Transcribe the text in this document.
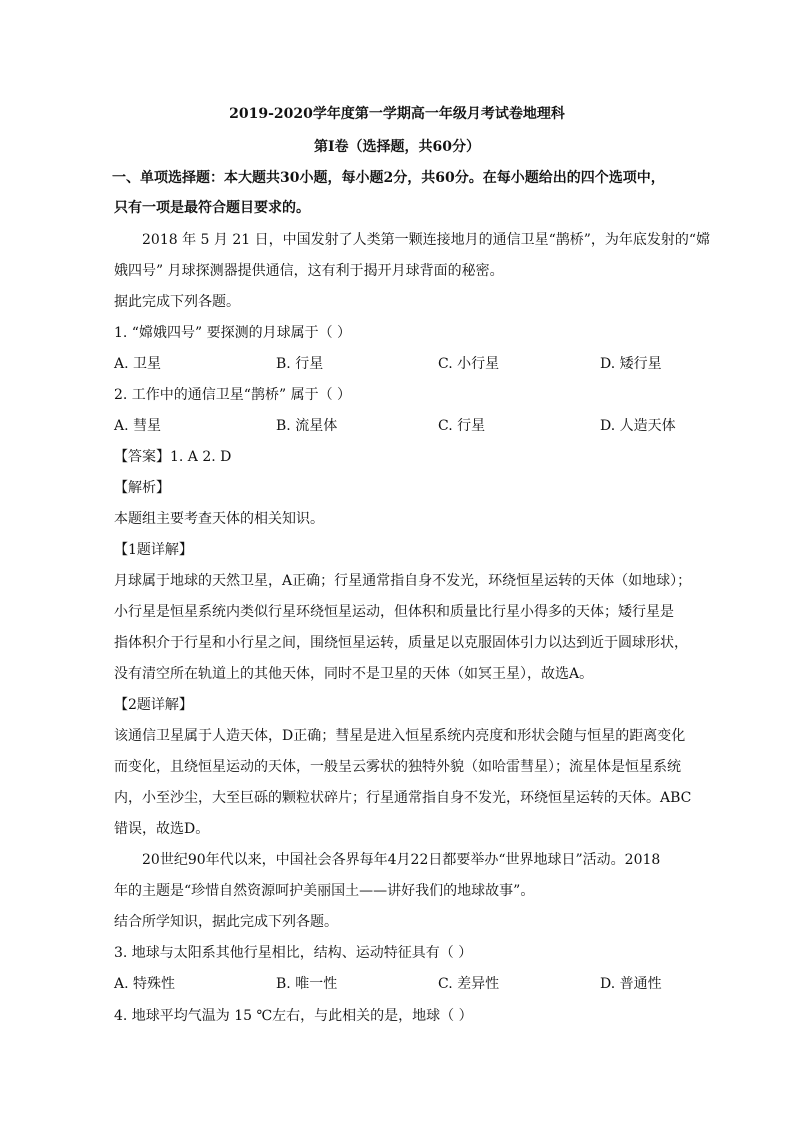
2019-2020学年度第一学期高一年级月考试卷地理科
第Ⅰ卷（选择题，共60分）
一、单项选择题：本大题共30小题，每小题2分，共60分。在每小题给出的四个选项中，
只有一项是最符合题目要求的。
2018 年 5 月 21 日，中国发射了人类第一颗连接地月的通信卫星“鹊桥”，为年底发射的“嫦
娥四号” 月球探测器提供通信，这有利于揭开月球背面的秘密。
据此完成下列各题。
1. “嫦娥四号” 要探测的月球属于（ ）
A. 卫星	B. 行星	C. 小行星	D. 矮行星
2. 工作中的通信卫星“鹊桥” 属于（ ）
A. 彗星	B. 流星体	C. 行星	D. 人造天体
【答案】1. A 2. D
【解析】
本题组主要考查天体的相关知识。
【1题详解】
月球属于地球的天然卫星，A正确；行星通常指自身不发光，环绕恒星运转的天体（如地球）；
小行星是恒星系统内类似行星环绕恒星运动，但体积和质量比行星小得多的天体；矮行星是
指体积介于行星和小行星之间，围绕恒星运转，质量足以克服固体引力以达到近于圆球形状，
没有清空所在轨道上的其他天体，同时不是卫星的天体（如冥王星），故选A。
【2题详解】
该通信卫星属于人造天体，D正确；彗星是进入恒星系统内亮度和形状会随与恒星的距离变化
而变化，且绕恒星运动的天体，一般呈云雾状的独特外貌（如哈雷彗星）；流星体是恒星系统
内，小至沙尘，大至巨砾的颗粒状碎片；行星通常指自身不发光，环绕恒星运转的天体。ABC
错误，故选D。
20世纪90年代以来，中国社会各界每年4月22日都要举办“世界地球日”活动。2018
年的主题是“珍惜自然资源呵护美丽国土——讲好我们的地球故事”。
结合所学知识，据此完成下列各题。
3. 地球与太阳系其他行星相比，结构、运动特征具有（ ）
A. 特殊性	B. 唯一性	C. 差异性	D. 普通性
4. 地球平均气温为 15 ℃左右，与此相关的是，地球（ ）
